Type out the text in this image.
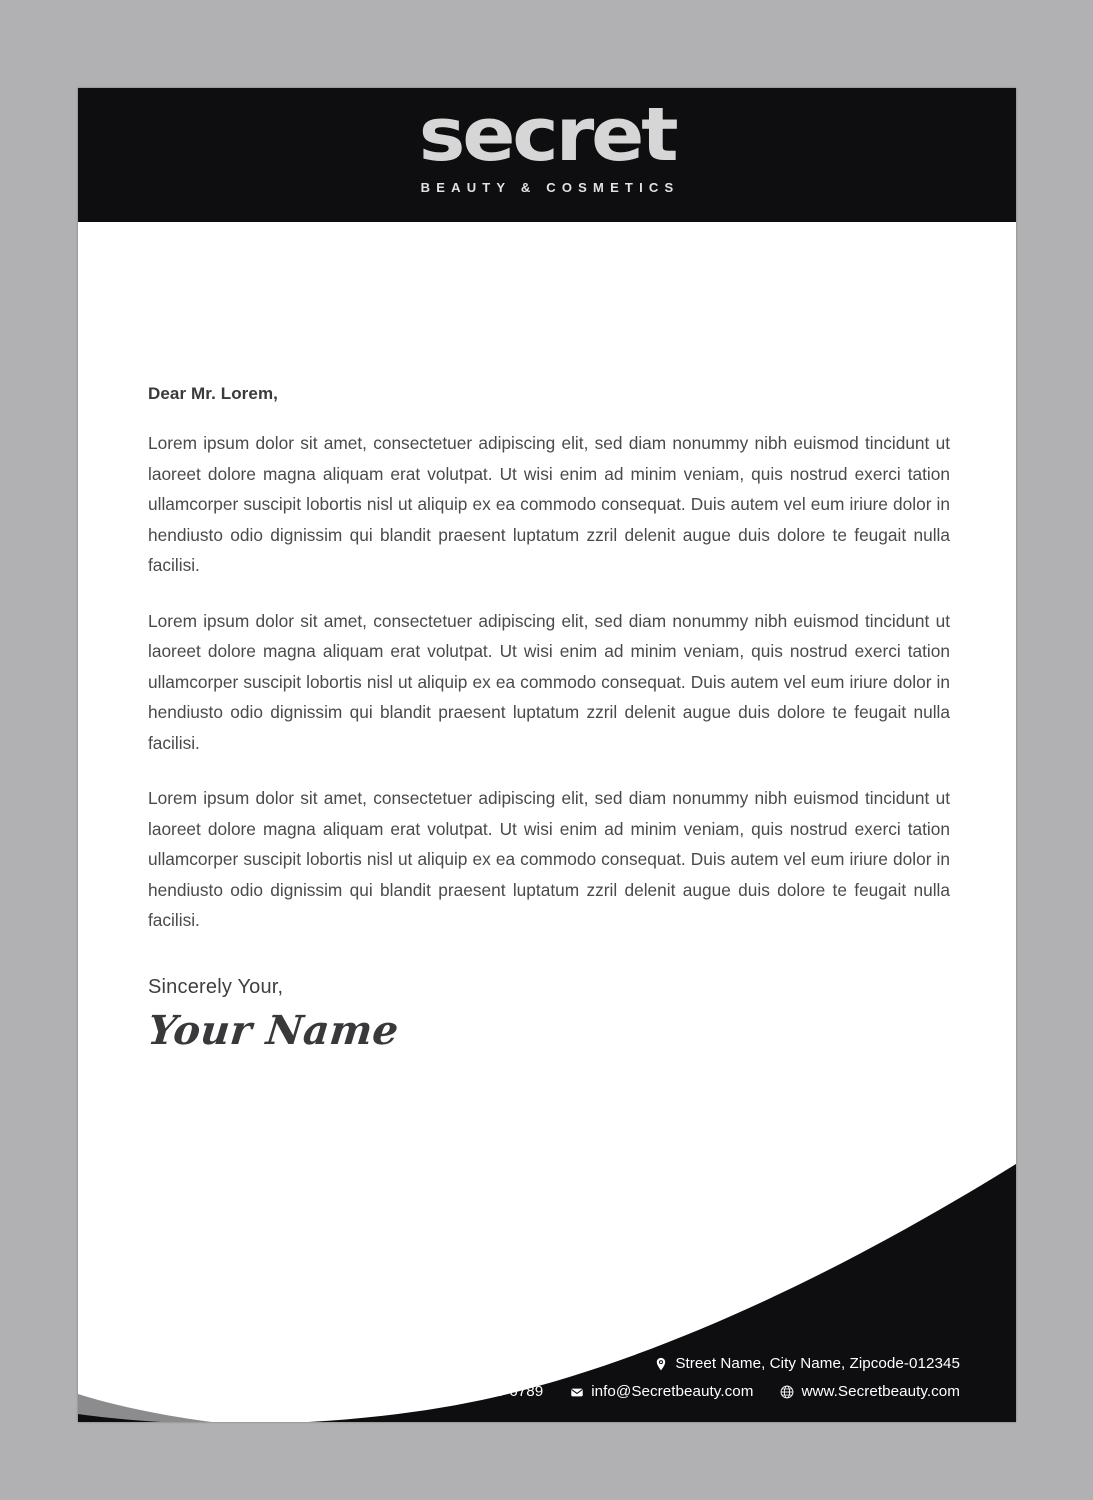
secret
BEAUTY & COSMETICS
Dear Mr. Lorem,

Lorem ipsum dolor sit amet, consectetuer adipiscing elit, sed diam nonummy nibh euismod tincidunt ut laoreet dolore magna aliquam erat volutpat. Ut wisi enim ad minim veniam, quis nostrud exerci tation ullamcorper suscipit lobortis nisl ut aliquip ex ea commodo consequat. Duis autem vel eum iriure dolor in hendiusto odio dignissim qui blandit praesent luptatum zzril delenit augue duis dolore te feugait nulla facilisi.

Lorem ipsum dolor sit amet, consectetuer adipiscing elit, sed diam nonummy nibh euismod tincidunt ut laoreet dolore magna aliquam erat volutpat. Ut wisi enim ad minim veniam, quis nostrud exerci tation ullamcorper suscipit lobortis nisl ut aliquip ex ea commodo consequat. Duis autem vel eum iriure dolor in hendiusto odio dignissim qui blandit praesent luptatum zzril delenit augue duis dolore te feugait nulla facilisi.

Lorem ipsum dolor sit amet, consectetuer adipiscing elit, sed diam nonummy nibh euismod tincidunt ut laoreet dolore magna aliquam erat volutpat. Ut wisi enim ad minim veniam, quis nostrud exerci tation ullamcorper suscipit lobortis nisl ut aliquip ex ea commodo consequat. Duis autem vel eum iriure dolor in hendiusto odio dignissim qui blandit praesent luptatum zzril delenit augue duis dolore te feugait nulla facilisi.

Sincerely Your,
Your Name
Street Name, City Name, Zipcode-012345
012-345-6789	info@Secretbeauty.com	www.Secretbeauty.com
